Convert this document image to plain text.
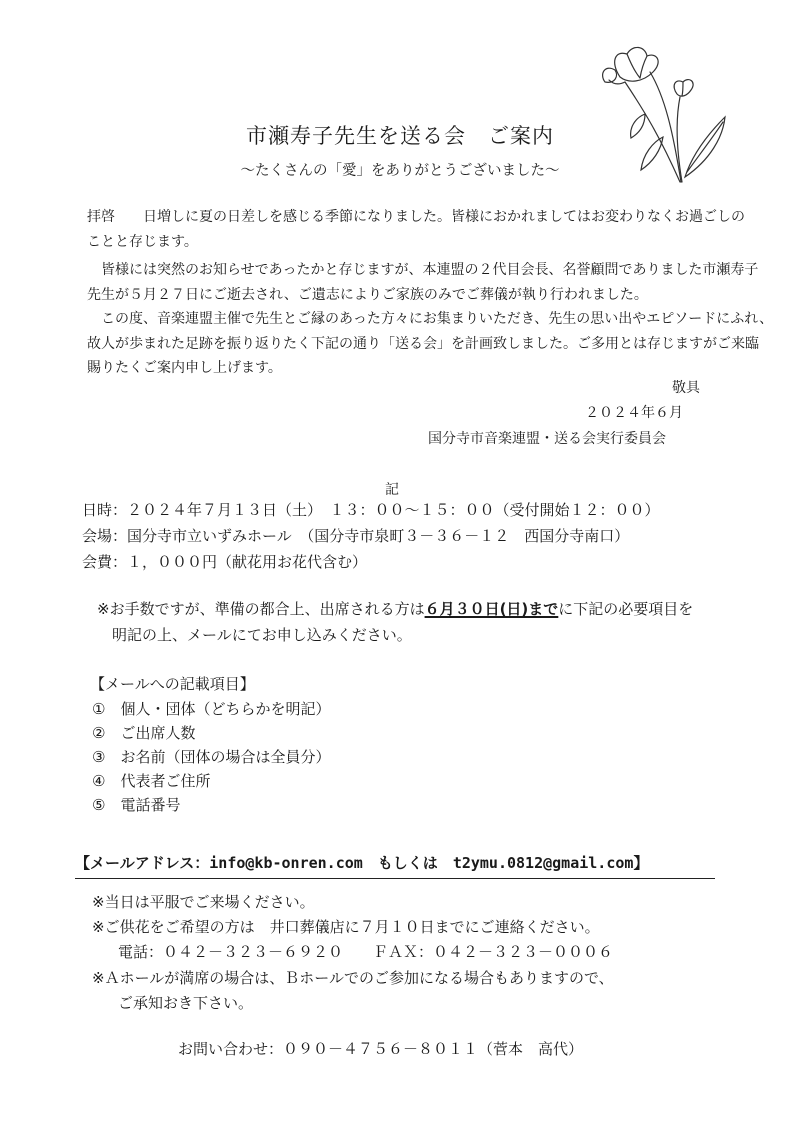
市瀬寿子先生を送る会　ご案内
～たくさんの「愛」をありがとうございました～
拝啓　　日増しに夏の日差しを感じる季節になりました。皆様におかれましてはお変わりなくお過ごしの
ことと存じます。
皆様には突然のお知らせであったかと存じますが、本連盟の２代目会長、名誉顧問でありました市瀬寿子
先生が５月２７日にご逝去され、ご遺志によりご家族のみでご葬儀が執り行われました。
この度、音楽連盟主催で先生とご縁のあった方々にお集まりいただき、先生の思い出やエピソードにふれ、
故人が歩まれた足跡を振り返りたく下記の通り「送る会」を計画致しました。ご多用とは存じますがご来臨
賜りたくご案内申し上げます。
敬具
２０２４年６月
国分寺市音楽連盟・送る会実行委員会
記
日時：２０２４年７月１３日（土）　１３：００～１５：００（受付開始１２：００）
会場：国分寺市立いずみホール　（国分寺市泉町３－３６－１２　西国分寺南口）
会費：１，０００円（献花用お花代含む）
※お手数ですが、準備の都合上、出席される方は６月３０日(日)までに下記の必要項目を
明記の上、メールにてお申し込みください。
【メールへの記載項目】
①　個人・団体（どちらかを明記）
②　ご出席人数
③　お名前（団体の場合は全員分）
④　代表者ご住所
⑤　電話番号
【メールアドレス：info@kb-onren.com　もしくは　t2ymu.0812@gmail.com】
※当日は平服でご来場ください。
※ご供花をご希望の方は　井口葬儀店に７月１０日までにご連絡ください。
電話：０４２－３２３－６９２０　　ＦＡＸ：０４２－３２３－０００６
※Ａホールが満席の場合は、Ｂホールでのご参加になる場合もありますので、
ご承知おき下さい。
お問い合わせ：０９０－４７５６－８０１１（菅本　高代）
